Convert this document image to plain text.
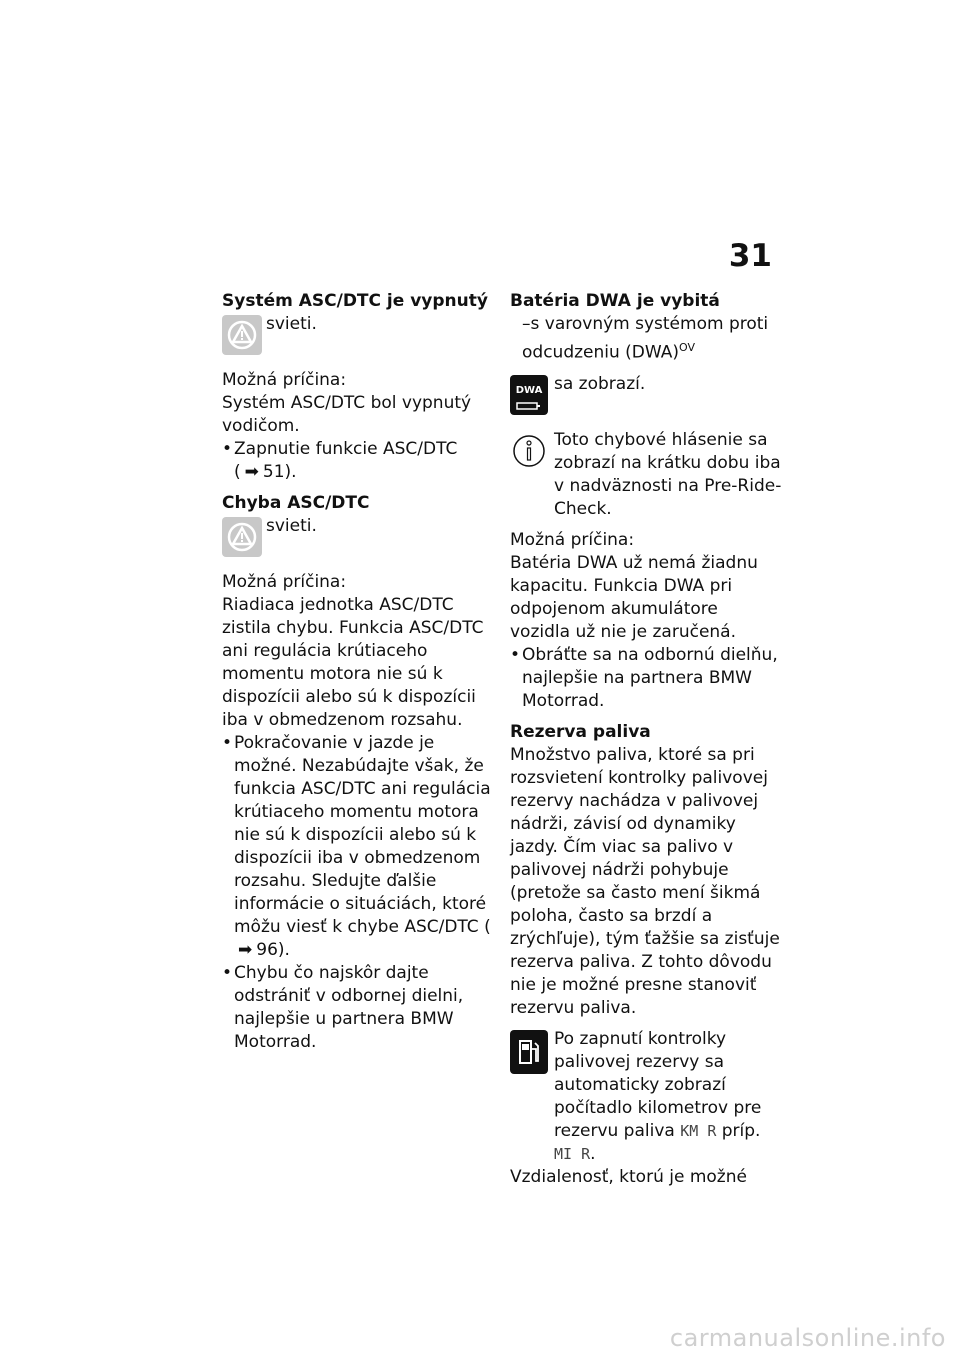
31
Systém ASC/DTC je vypnutý
svieti.

Možná príčina:

Systém ASC/DTC bol vypnutý vodičom.

• Zapnutie funkcie ASC/DTC
( ➡ 51).
Chyba ASC/DTC
svieti.

Možná príčina:

Riadiaca jednotka ASC/DTC zistila chybu. Funkcia ASC/DTC ani regulácia krútiaceho momentu motora nie sú k dispozícii alebo sú k dispozícii iba v obmedzenom rozsahu.

• Pokračovanie v jazde je možné. Nezabúdajte však, že funkcia ASC/DTC ani regulácia krútiaceho momentu motora nie sú k dispozícii alebo sú k dispozícii iba v obmedzenom rozsahu. Sledujte ďalšie informácie o situáciách, ktoré môžu viesť k chybe ASC/DTC (➡ 96).
• Chybu čo najskôr dajte odstrániť v odbornej dielni, najlepšie u partnera BMW Motorrad.
Batéria DWA je vybitá
–s varovným systémom proti odcudzeniu (DWA)$^{OV}$
DWA sa zobrazí.
Toto chybové hlásenie sa zobrazí na krátku dobu iba v nadväznosti na Pre-Ride-Check.

Možná príčina:

Batéria DWA už nemá žiadnu kapacitu. Funkcia DWA pri odpojenom akumulátore vozidla už nie je zaručená.

• Obráťte sa na odbornú dielňu, najlepšie na partnera BMW Motorrad.
Rezerva paliva

Množstvo paliva, ktoré sa pri rozsvietení kontrolky palivovej rezervy nachádza v palivovej nádrži, závisí od dynamiky jazdy. Čím viac sa palivo v palivovej nádrži pohybuje (pretože sa často mení šikmá poloha, často sa brzdí a zrýchľuje), tým ťažšie sa zisťuje rezerva paliva. Z tohto dôvodu nie je možné presne stanoviť rezervu paliva.

Po zapnutí kontrolky palivovej rezervy sa automaticky zobrazí počítadlo kilometrov pre rezervu paliva KM R príp. MI R.

Vzdialenosť, ktorú je možné

carmanualsonline.info
